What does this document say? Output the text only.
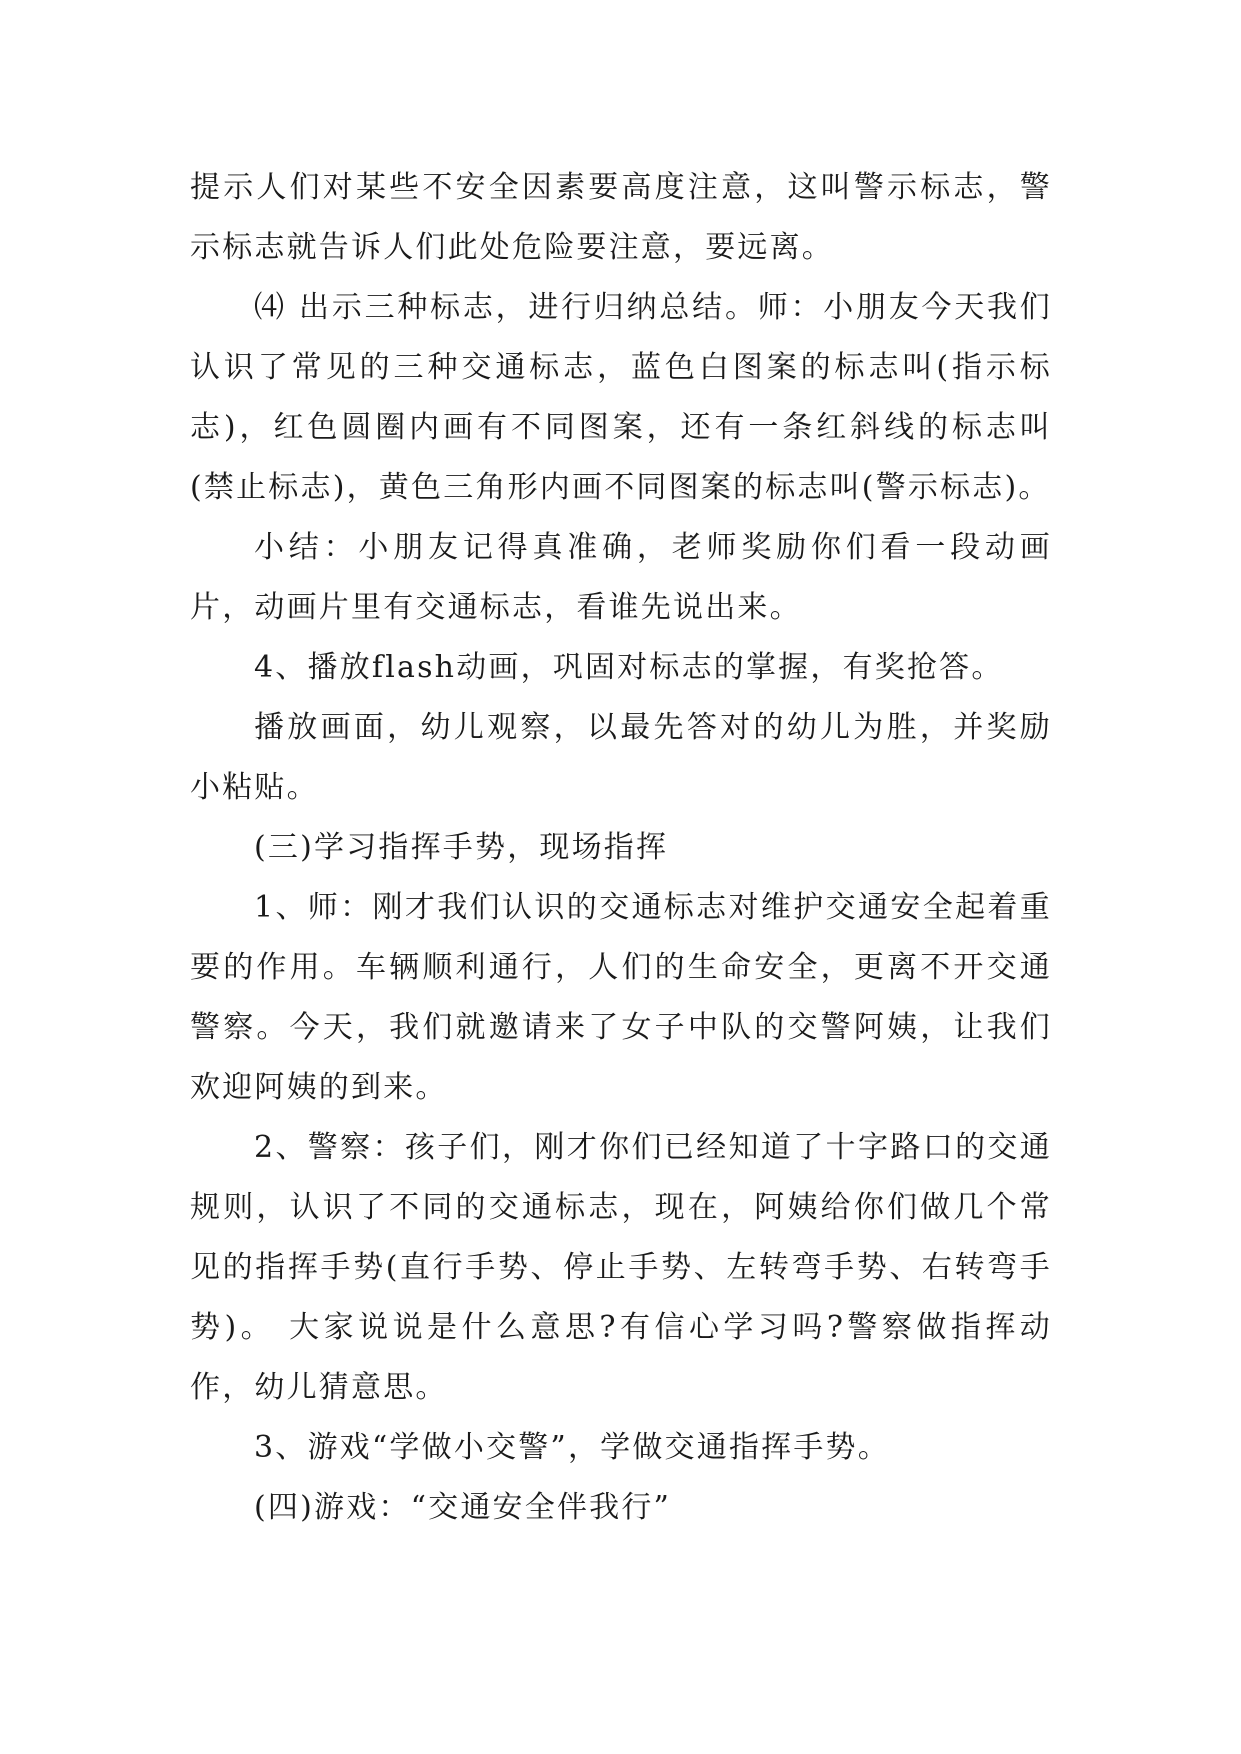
提示人们对某些不安全因素要高度注意，这叫警示标志，警示标志就告诉人们此处危险要注意，要远离。

⑷ 出示三种标志，进行归纳总结。师：小朋友今天我们认识了常见的三种交通标志，蓝色白图案的标志叫(指示标志)，红色圆圈内画有不同图案，还有一条红斜线的标志叫(禁止标志)，黄色三角形内画不同图案的标志叫(警示标志)。

小结：小朋友记得真准确，老师奖励你们看一段动画片，动画片里有交通标志，看谁先说出来。

4、播放flash动画，巩固对标志的掌握，有奖抢答。

播放画面，幼儿观察，以最先答对的幼儿为胜，并奖励小粘贴。

(三)学习指挥手势，现场指挥

1、师：刚才我们认识的交通标志对维护交通安全起着重要的作用。车辆顺利通行，人们的生命安全，更离不开交通警察。今天，我们就邀请来了女子中队的交警阿姨，让我们欢迎阿姨的到来。

2、警察：孩子们，刚才你们已经知道了十字路口的交通规则，认识了不同的交通标志，现在，阿姨给你们做几个常见的指挥手势(直行手势、停止手势、左转弯手势、右转弯手势)。 大家说说是什么意思?有信心学习吗?警察做指挥动作，幼儿猜意思。

3、游戏“学做小交警”，学做交通指挥手势。

(四)游戏：“交通安全伴我行”
